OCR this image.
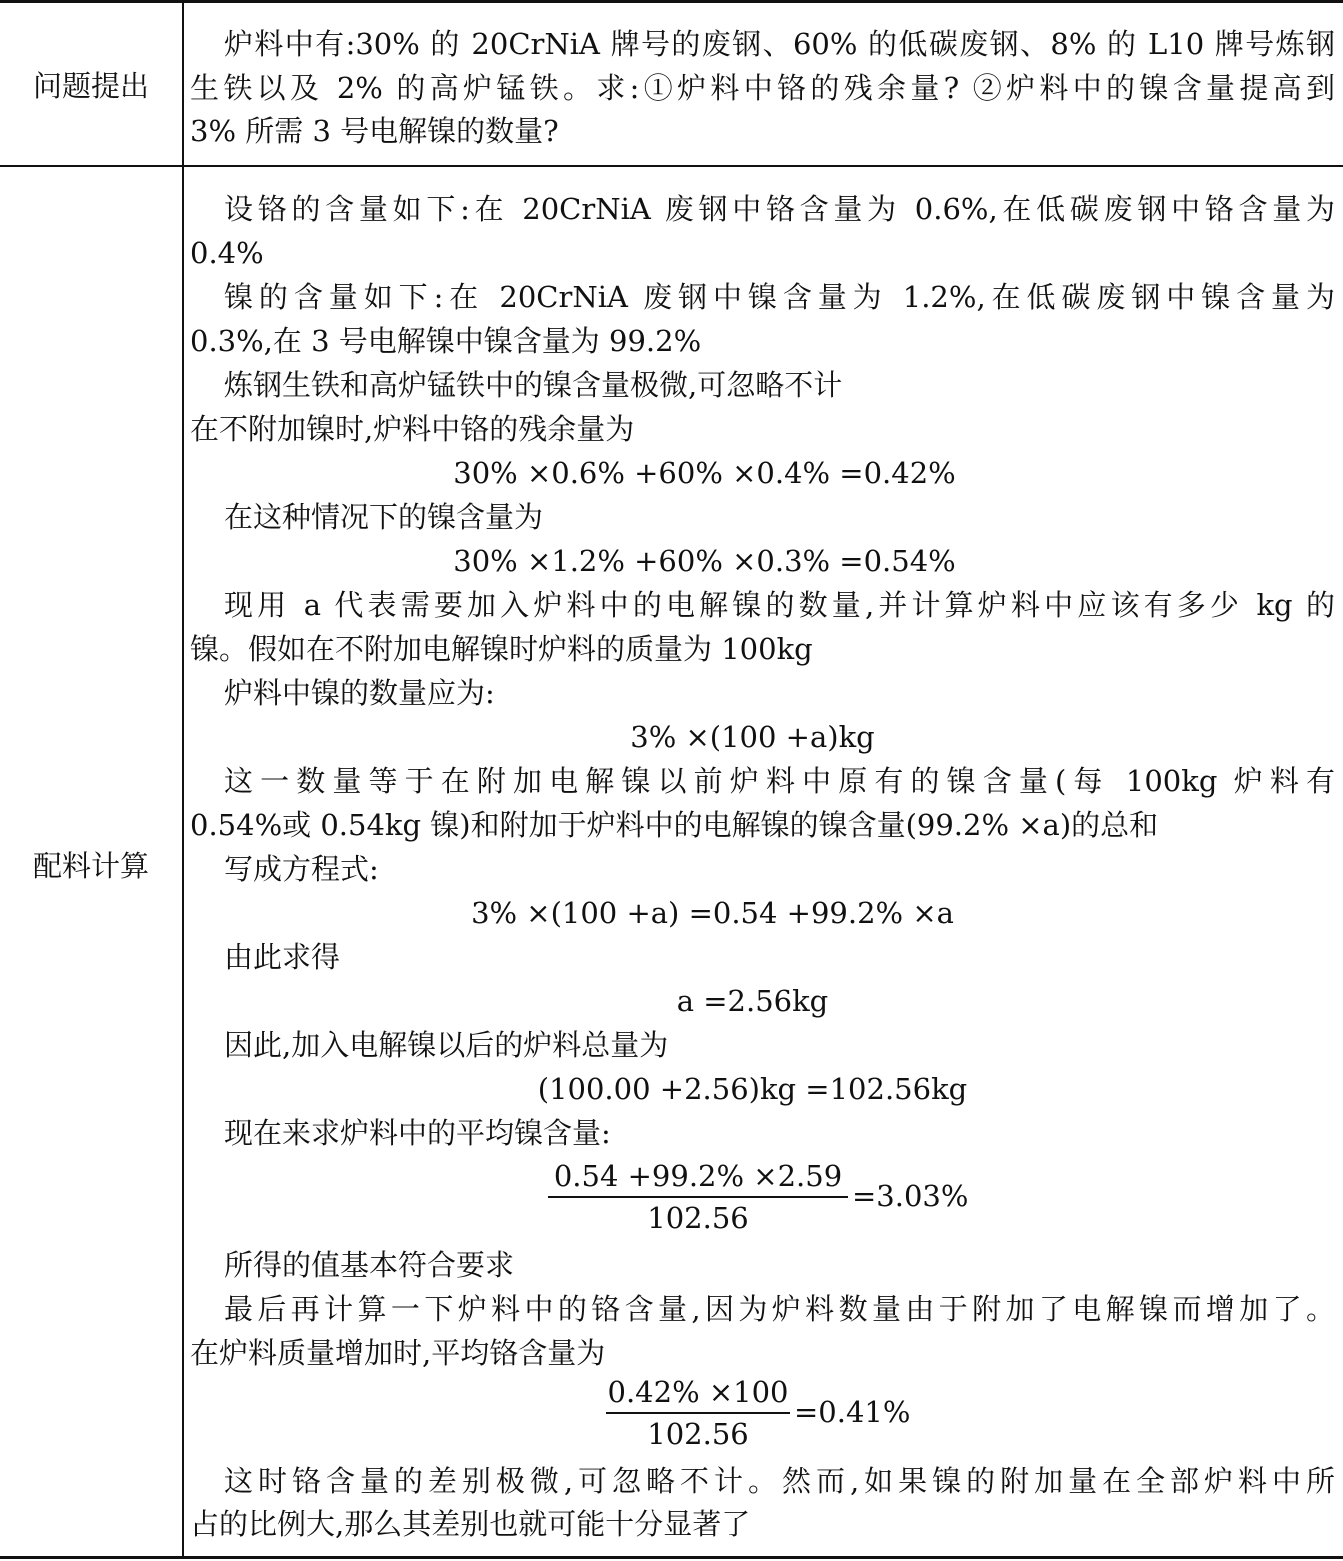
问题提出
炉料中有:30% 的 20CrNiA 牌号的废钢、60% 的低碳废钢、8% 的 L10 牌号炼钢
生铁以及 2% 的高炉锰铁。求:①炉料中铬的残余量? ②炉料中的镍含量提高到
3% 所需 3 号电解镍的数量?
配料计算
设铬的含量如下:在 20CrNiA 废钢中铬含量为 0.6%,在低碳废钢中铬含量为
0.4%
镍的含量如下:在 20CrNiA 废钢中镍含量为 1.2%,在低碳废钢中镍含量为
0.3%,在 3 号电解镍中镍含量为 99.2%
炼钢生铁和高炉锰铁中的镍含量极微,可忽略不计
在不附加镍时,炉料中铬的残余量为
30% ×0.6% +60% ×0.4% =0.42%
在这种情况下的镍含量为
30% ×1.2% +60% ×0.3% =0.54%
现用 a 代表需要加入炉料中的电解镍的数量,并计算炉料中应该有多少 kg 的
镍。假如在不附加电解镍时炉料的质量为 100kg
炉料中镍的数量应为:
3% ×(100 +a)kg
这一数量等于在附加电解镍以前炉料中原有的镍含量(每 100kg 炉料有
0.54%或 0.54kg 镍)和附加于炉料中的电解镍的镍含量(99.2% ×a)的总和
写成方程式:
3% ×(100 +a) =0.54 +99.2% ×a
由此求得
a =2.56kg
因此,加入电解镍以后的炉料总量为
(100.00 +2.56)kg =102.56kg
现在来求炉料中的平均镍含量:
0.54 +99.2% ×2.59
102.56
=3.03%
所得的值基本符合要求
最后再计算一下炉料中的铬含量,因为炉料数量由于附加了电解镍而增加了。
在炉料质量增加时,平均铬含量为
0.42% ×100
102.56
=0.41%
这时铬含量的差别极微,可忽略不计。然而,如果镍的附加量在全部炉料中所
占的比例大,那么其差别也就可能十分显著了
